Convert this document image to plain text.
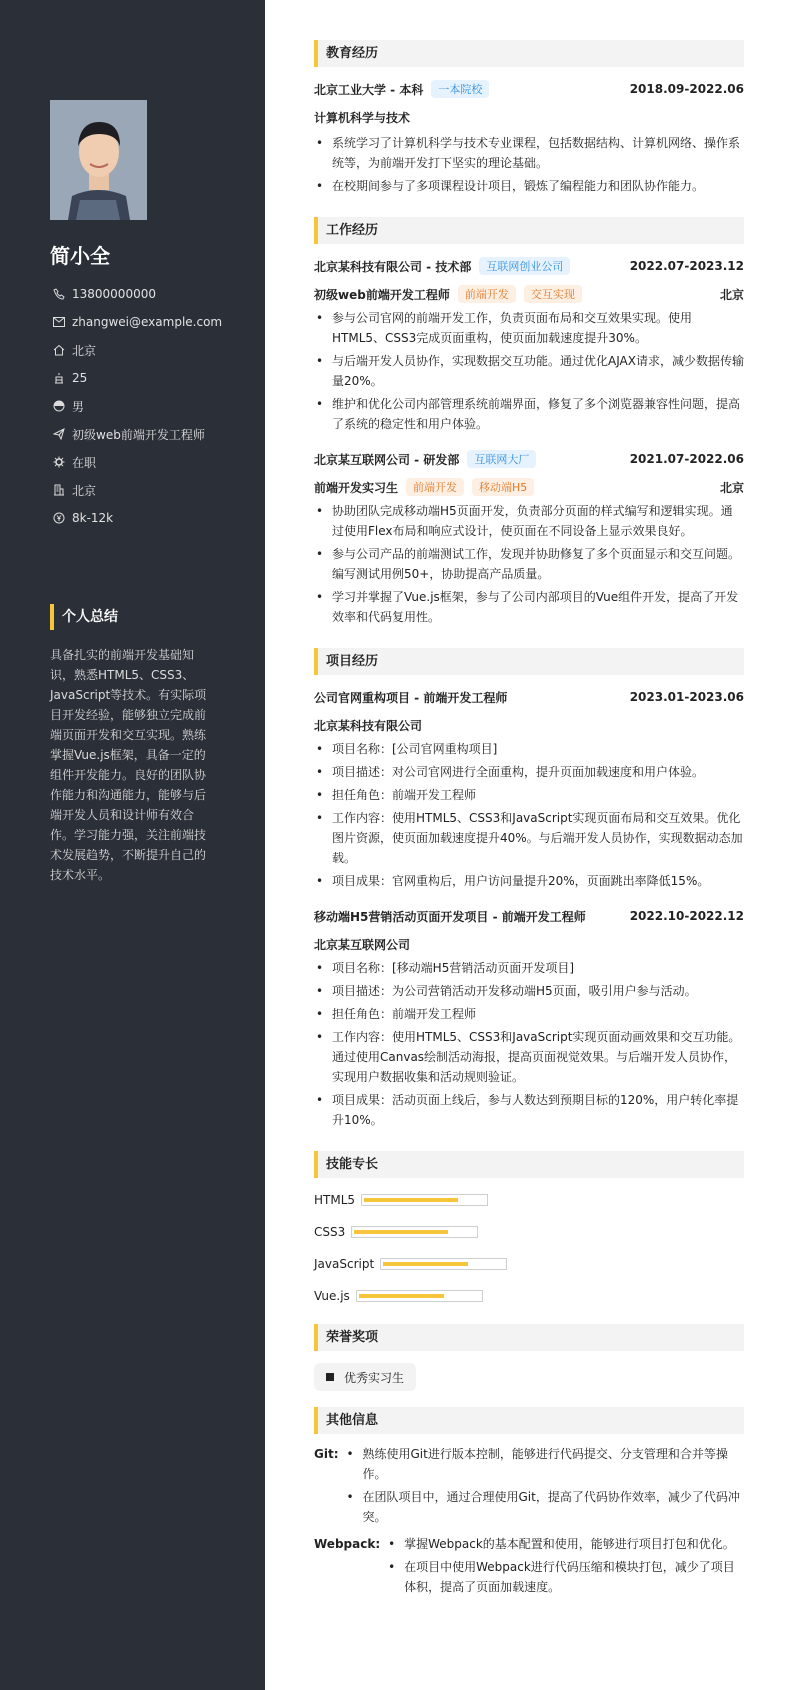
简小全
13800000000
zhangwei@example.com
北京
25
男
初级web前端开发工程师
在职
北京
8k-12k
个人总结
具备扎实的前端开发基础知识，熟悉HTML5、CSS3、JavaScript等技术。有实际项目开发经验，能够独立完成前端页面开发和交互实现。熟练掌握Vue.js框架，具备一定的组件开发能力。良好的团队协作能力和沟通能力，能够与后端开发人员和设计师有效合作。学习能力强，关注前端技术发展趋势，不断提升自己的技术水平。
教育经历
北京工业大学 - 本科	一本院校	2018.09-2022.06
计算机科学与技术
• 系统学习了计算机科学与技术专业课程，包括数据结构、计算机网络、操作系统等，为前端开发打下坚实的理论基础。
• 在校期间参与了多项课程设计项目，锻炼了编程能力和团队协作能力。
工作经历
北京某科技有限公司 - 技术部	互联网创业公司	2022.07-2023.12
初级web前端开发工程师	前端开发	交互实现	北京
• 参与公司官网的前端开发工作，负责页面布局和交互效果实现。使用HTML5、CSS3完成页面重构，使页面加载速度提升30%。
• 与后端开发人员协作，实现数据交互功能。通过优化AJAX请求，减少数据传输量20%。
• 维护和优化公司内部管理系统前端界面，修复了多个浏览器兼容性问题，提高了系统的稳定性和用户体验。
北京某互联网公司 - 研发部	互联网大厂	2021.07-2022.06
前端开发实习生	前端开发	移动端H5	北京
• 协助团队完成移动端H5页面开发，负责部分页面的样式编写和逻辑实现。通过使用Flex布局和响应式设计，使页面在不同设备上显示效果良好。
• 参与公司产品的前端测试工作，发现并协助修复了多个页面显示和交互问题。编写测试用例50+，协助提高产品质量。
• 学习并掌握了Vue.js框架，参与了公司内部项目的Vue组件开发，提高了开发效率和代码复用性。
项目经历
公司官网重构项目 - 前端开发工程师	2023.01-2023.06
北京某科技有限公司
• 项目名称：[公司官网重构项目]
• 项目描述：对公司官网进行全面重构，提升页面加载速度和用户体验。
• 担任角色：前端开发工程师
• 工作内容：使用HTML5、CSS3和JavaScript实现页面布局和交互效果。优化图片资源，使页面加载速度提升40%。与后端开发人员协作，实现数据动态加载。
• 项目成果：官网重构后，用户访问量提升20%，页面跳出率降低15%。
移动端H5营销活动页面开发项目 - 前端开发工程师	2022.10-2022.12
北京某互联网公司
• 项目名称：[移动端H5营销活动页面开发项目]
• 项目描述：为公司营销活动开发移动端H5页面，吸引用户参与活动。
• 担任角色：前端开发工程师
• 工作内容：使用HTML5、CSS3和JavaScript实现页面动画效果和交互功能。通过使用Canvas绘制活动海报，提高页面视觉效果。与后端开发人员协作，实现用户数据收集和活动规则验证。
• 项目成果：活动页面上线后，参与人数达到预期目标的120%，用户转化率提升10%。
技能专长
HTML5
CSS3
JavaScript
Vue.js
荣誉奖项
优秀实习生
其他信息
Git:	• 熟练使用Git进行版本控制，能够进行代码提交、分支管理和合并等操作。
• 在团队项目中，通过合理使用Git，提高了代码协作效率，减少了代码冲突。
Webpack:	• 掌握Webpack的基本配置和使用，能够进行项目打包和优化。
• 在项目中使用Webpack进行代码压缩和模块打包，减少了项目体积，提高了页面加载速度。
